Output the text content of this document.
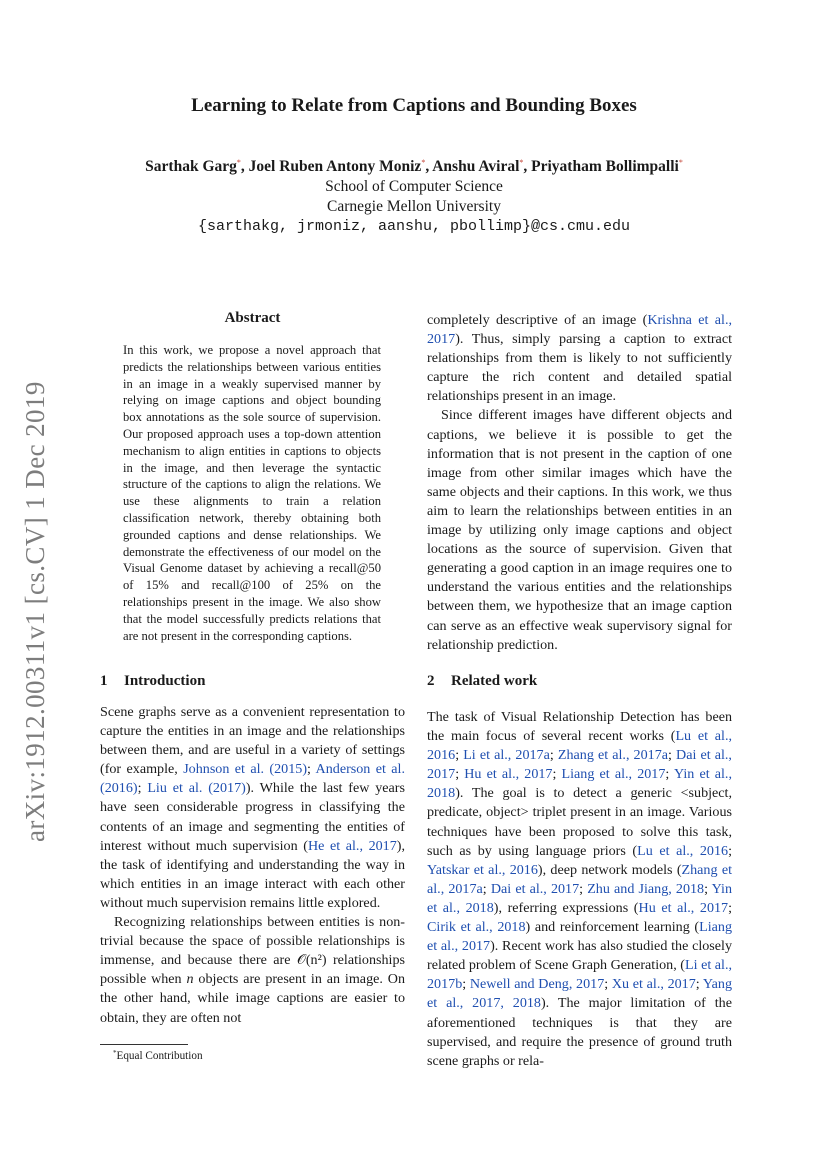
arXiv:1912.00311v1 [cs.CV] 1 Dec 2019
Learning to Relate from Captions and Bounding Boxes
Sarthak Garg*, Joel Ruben Antony Moniz*, Anshu Aviral*, Priyatham Bollimpalli*
School of Computer Science
Carnegie Mellon University
{sarthakg, jrmoniz, aanshu, pbollimp}@cs.cmu.edu
Abstract
In this work, we propose a novel approach that predicts the relationships between various entities in an image in a weakly supervised manner by relying on image captions and object bounding box annotations as the sole source of supervision. Our proposed approach uses a top-down attention mechanism to align entities in captions to objects in the image, and then leverage the syntactic structure of the captions to align the relations. We use these alignments to train a relation classification network, thereby obtaining both grounded captions and dense relationships. We demonstrate the effectiveness of our model on the Visual Genome dataset by achieving a recall@50 of 15% and recall@100 of 25% on the relationships present in the image. We also show that the model successfully predicts relations that are not present in the corresponding captions.
1 Introduction

Scene graphs serve as a convenient representation to capture the entities in an image and the relationships between them, and are useful in a variety of settings (for example, Johnson et al. (2015); Anderson et al. (2016); Liu et al. (2017)). While the last few years have seen considerable progress in classifying the contents of an image and segmenting the entities of interest without much supervision (He et al., 2017), the task of identifying and understanding the way in which entities in an image interact with each other without much supervision remains little explored.

Recognizing relationships between entities is non-trivial because the space of possible relationships is immense, and because there are 𝒪(n²) relationships possible when n objects are present in an image. On the other hand, while image captions are easier to obtain, they are often not

completely descriptive of an image (Krishna et al., 2017). Thus, simply parsing a caption to extract relationships from them is likely to not sufficiently capture the rich content and detailed spatial relationships present in an image.

Since different images have different objects and captions, we believe it is possible to get the information that is not present in the caption of one image from other similar images which have the same objects and their captions. In this work, we thus aim to learn the relationships between entities in an image by utilizing only image captions and object locations as the source of supervision. Given that generating a good caption in an image requires one to understand the various entities and the relationships between them, we hypothesize that an image caption can serve as an effective weak supervisory signal for relationship prediction.

2 Related work

The task of Visual Relationship Detection has been the main focus of several recent works (Lu et al., 2016; Li et al., 2017a; Zhang et al., 2017a; Dai et al., 2017; Hu et al., 2017; Liang et al., 2017; Yin et al., 2018). The goal is to detect a generic <subject, predicate, object> triplet present in an image. Various techniques have been proposed to solve this task, such as by using language priors (Lu et al., 2016; Yatskar et al., 2016), deep network models (Zhang et al., 2017a; Dai et al., 2017; Zhu and Jiang, 2018; Yin et al., 2018), referring expressions (Hu et al., 2017; Cirik et al., 2018) and reinforcement learning (Liang et al., 2017). Recent work has also studied the closely related problem of Scene Graph Generation, (Li et al., 2017b; Newell and Deng, 2017; Xu et al., 2017; Yang et al., 2017, 2018). The major limitation of the aforementioned techniques is that they are supervised, and require the presence of ground truth scene graphs or rela-

*Equal Contribution
